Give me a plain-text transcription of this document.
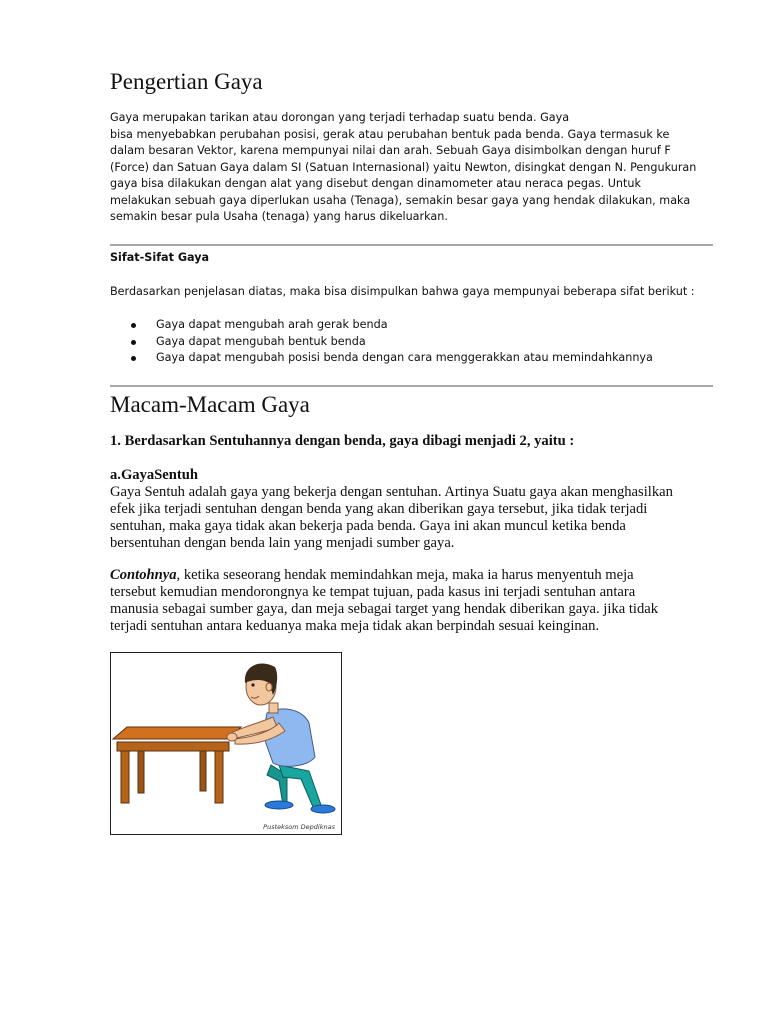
Pengertian Gaya
Gaya merupakan tarikan atau dorongan yang terjadi terhadap suatu benda. Gaya
bisa menyebabkan perubahan posisi, gerak atau perubahan bentuk pada benda. Gaya termasuk ke
dalam besaran Vektor, karena mempunyai nilai dan arah. Sebuah Gaya disimbolkan dengan huruf F
(Force) dan Satuan Gaya dalam SI (Satuan Internasional) yaitu Newton, disingkat dengan N. Pengukuran
gaya bisa dilakukan dengan alat yang disebut dengan dinamometer atau neraca pegas. Untuk
melakukan sebuah gaya diperlukan usaha (Tenaga), semakin besar gaya yang hendak dilakukan, maka
semakin besar pula Usaha (tenaga) yang harus dikeluarkan.
Sifat-Sifat Gaya
Berdasarkan penjelasan diatas, maka bisa disimpulkan bahwa gaya mempunyai beberapa sifat berikut :
Gaya dapat mengubah arah gerak benda
Gaya dapat mengubah bentuk benda
Gaya dapat mengubah posisi benda dengan cara menggerakkan atau memindahkannya
Macam-Macam Gaya
1. Berdasarkan Sentuhannya dengan benda, gaya dibagi menjadi 2, yaitu :
a.GayaSentuh
Gaya Sentuh adalah gaya yang bekerja dengan sentuhan. Artinya Suatu gaya akan menghasilkan
efek jika terjadi sentuhan dengan benda yang akan diberikan gaya tersebut, jika tidak terjadi
sentuhan, maka gaya tidak akan bekerja pada benda. Gaya ini akan muncul ketika benda
bersentuhan dengan benda lain yang menjadi sumber gaya.
Contohnya, ketika seseorang hendak memindahkan meja, maka ia harus menyentuh meja
tersebut kemudian mendorongnya ke tempat tujuan, pada kasus ini terjadi sentuhan antara
manusia sebagai sumber gaya, dan meja sebagai target yang hendak diberikan gaya. jika tidak
terjadi sentuhan antara keduanya maka meja tidak akan berpindah sesuai keinginan.
Pusteksom Depdiknas
